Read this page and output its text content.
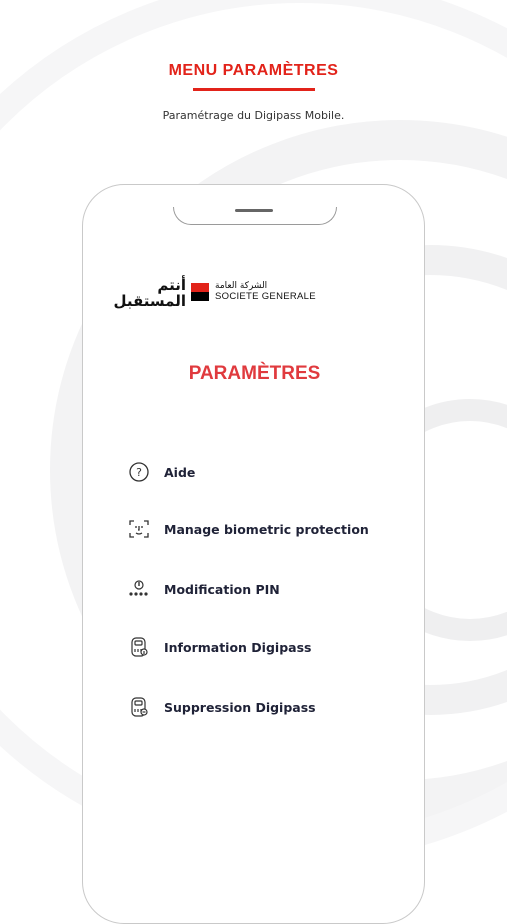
MENU PARAMÈTRES
Paramétrage du Digipass Mobile.
أنتم المستقبل
الشركة العامة
SOCIETE GENERALE
PARAMÈTRES
? Aide
Manage biometric protection
Modification PIN
Information Digipass
Suppression Digipass
